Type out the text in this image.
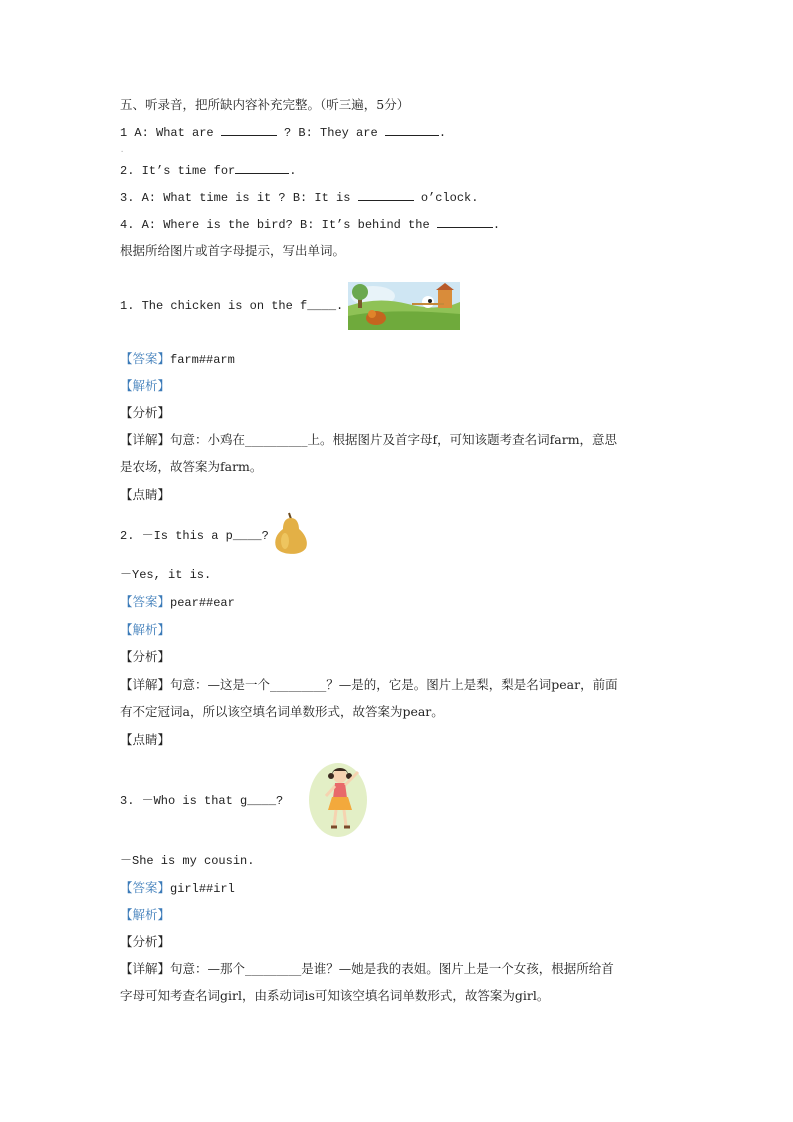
五、听录音，把所缺内容补充完整。（听三遍，5分）
1 A: What are	? B: They are	.
.
2. It’s time for	.
3. A: What time is it ? B: It is	o’clock.
4. A: Where is the bird? B: It’s behind the	.
根据所给图片或首字母提示，写出单词。
1. The chicken is on the f____.
【答案】farm##arm
【解析】
【分析】
【详解】句意：小鸡在__________上。根据图片及首字母f，可知该题考查名词farm，意思
是农场，故答案为farm。
【点睛】
2. －Is this a p____?
－Yes, it is.
【答案】pear##ear
【解析】
【分析】
【详解】句意：—这是一个_________？—是的，它是。图片上是梨，梨是名词pear，前面
有不定冠词a，所以该空填名词单数形式，故答案为pear。
【点睛】
3. －Who is that g____?
－She is my cousin.
【答案】girl##irl
【解析】
【分析】
【详解】句意：—那个_________是谁？—她是我的表姐。图片上是一个女孩，根据所给首
字母可知考查名词girl，由系动词is可知该空填名词单数形式，故答案为girl。
